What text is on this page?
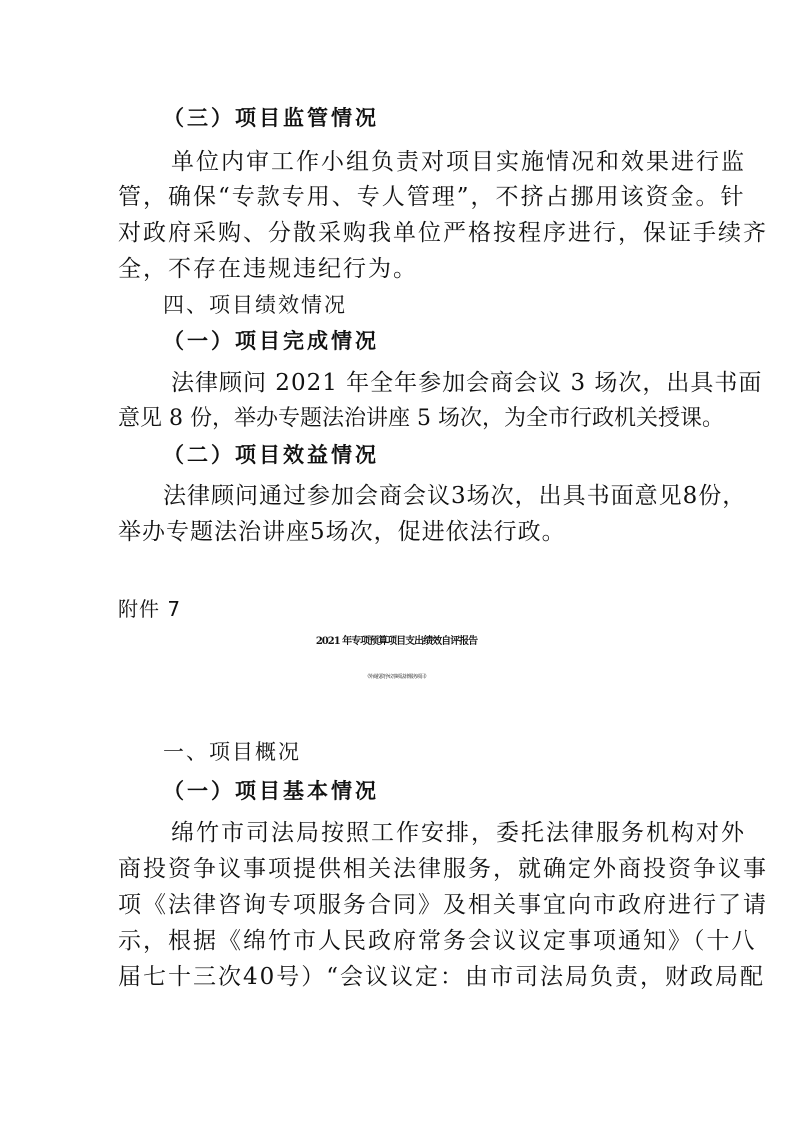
（三）项目监管情况
单位内审工作小组负责对项目实施情况和效果进行监
管，确保“专款专用、专人管理”，不挤占挪用该资金。针
对政府采购、分散采购我单位严格按程序进行，保证手续齐
全，不存在违规违纪行为。
四、项目绩效情况
（一）项目完成情况
法律顾问 2021 年全年参加会商会议 3 场次，出具书面
意见 8 份，举办专题法治讲座 5 场次，为全市行政机关授课。
（二）项目效益情况
法律顾问通过参加会商会议3场次，出具书面意见8份，
举办专题法治讲座5场次，促进依法行政。
附件 7
2021 年专项预算项目支出绩效自评报告
（外商投资争议事项法律服务项目）
一、项目概况
（一）项目基本情况
绵竹市司法局按照工作安排，委托法律服务机构对外
商投资争议事项提供相关法律服务，就确定外商投资争议事
项《法律咨询专项服务合同》及相关事宜向市政府进行了请
示，根据《绵竹市人民政府常务会议议定事项通知》（十八
届七十三次40号）“会议议定：由市司法局负责，财政局配
